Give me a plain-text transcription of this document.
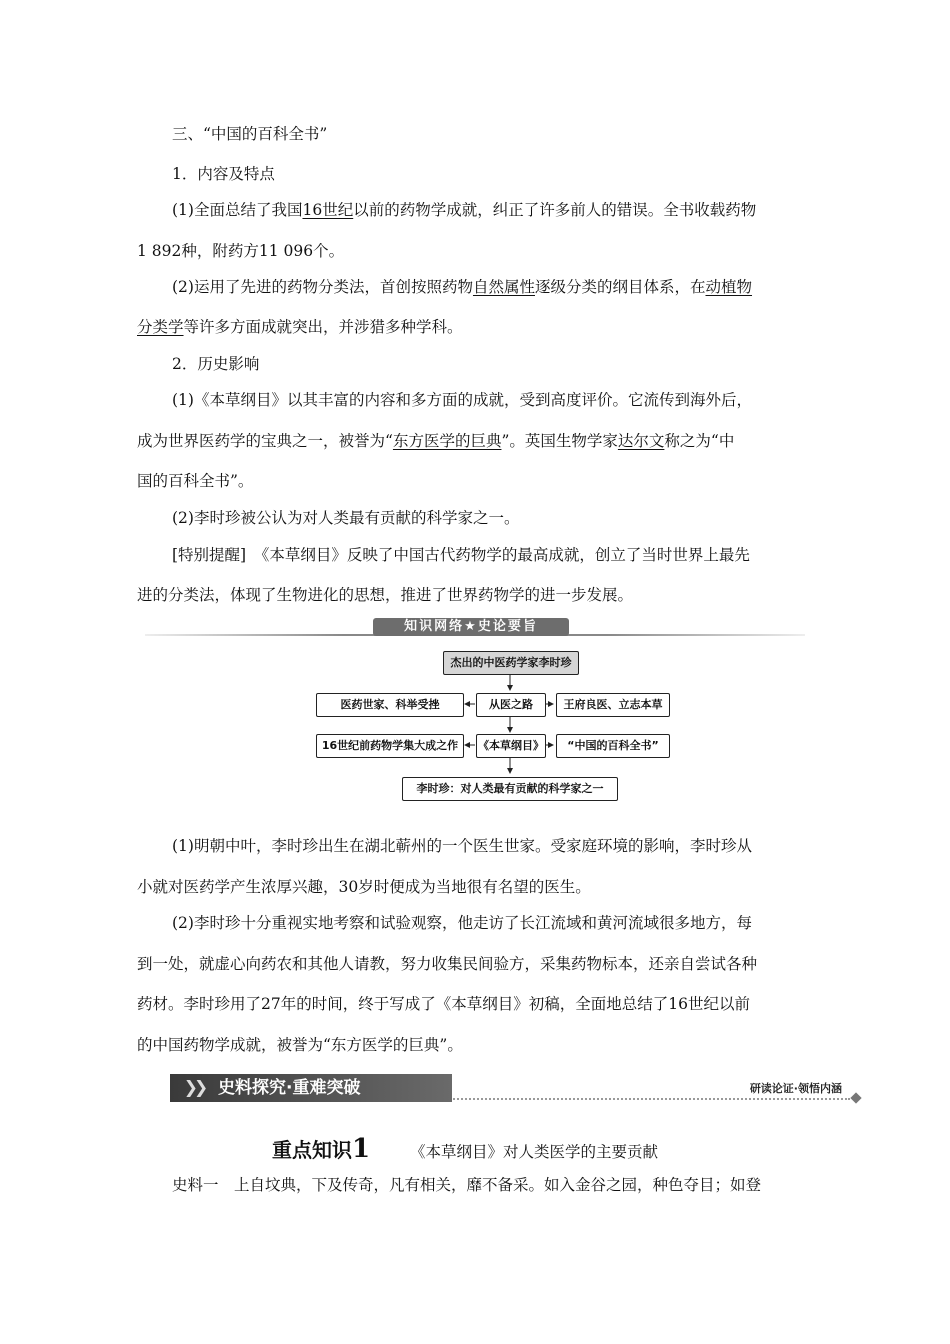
三、“中国的百科全书”
1．内容及特点
(1)全面总结了我国16世纪以前的药物学成就，纠正了许多前人的错误。全书收载药物
1 892种，附药方11 096个。
(2)运用了先进的药物分类法，首创按照药物自然属性逐级分类的纲目体系，在动植物
分类学等许多方面成就突出，并涉猎多种学科。
2．历史影响
(1)《本草纲目》以其丰富的内容和多方面的成就，受到高度评价。它流传到海外后，
成为世界医药学的宝典之一，被誉为“东方医学的巨典”。英国生物学家达尔文称之为“中
国的百科全书”。
(2)李时珍被公认为对人类最有贡献的科学家之一。
[特别提醒]　《本草纲目》反映了中国古代药物学的最高成就，创立了当时世界上最先
进的分类法，体现了生物进化的思想，推进了世界药物学的进一步发展。
知识网络★史论要旨
杰出的中医药学家李时珍
医药世家、科举受挫	从医之路	王府良医、立志本草
16世纪前药物学集大成之作	《本草纲目》	“中国的百科全书”
李时珍：对人类最有贡献的科学家之一
(1)明朝中叶，李时珍出生在湖北蕲州的一个医生世家。受家庭环境的影响，李时珍从
小就对医药学产生浓厚兴趣，30岁时便成为当地很有名望的医生。
(2)李时珍十分重视实地考察和试验观察，他走访了长江流域和黄河流域很多地方，每
到一处，就虚心向药农和其他人请教，努力收集民间验方，采集药物标本，还亲自尝试各种
药材。李时珍用了27年的时间，终于写成了《本草纲目》初稿，全面地总结了16世纪以前
的中国药物学成就，被誉为“东方医学的巨典”。
❯❯ 史料探究·重难突破	研读论证·领悟内涵
重点知识1	《本草纲目》对人类医学的主要贡献
史料一　上自坟典，下及传奇，凡有相关，靡不备采。如入金谷之园，种色夺目；如登
